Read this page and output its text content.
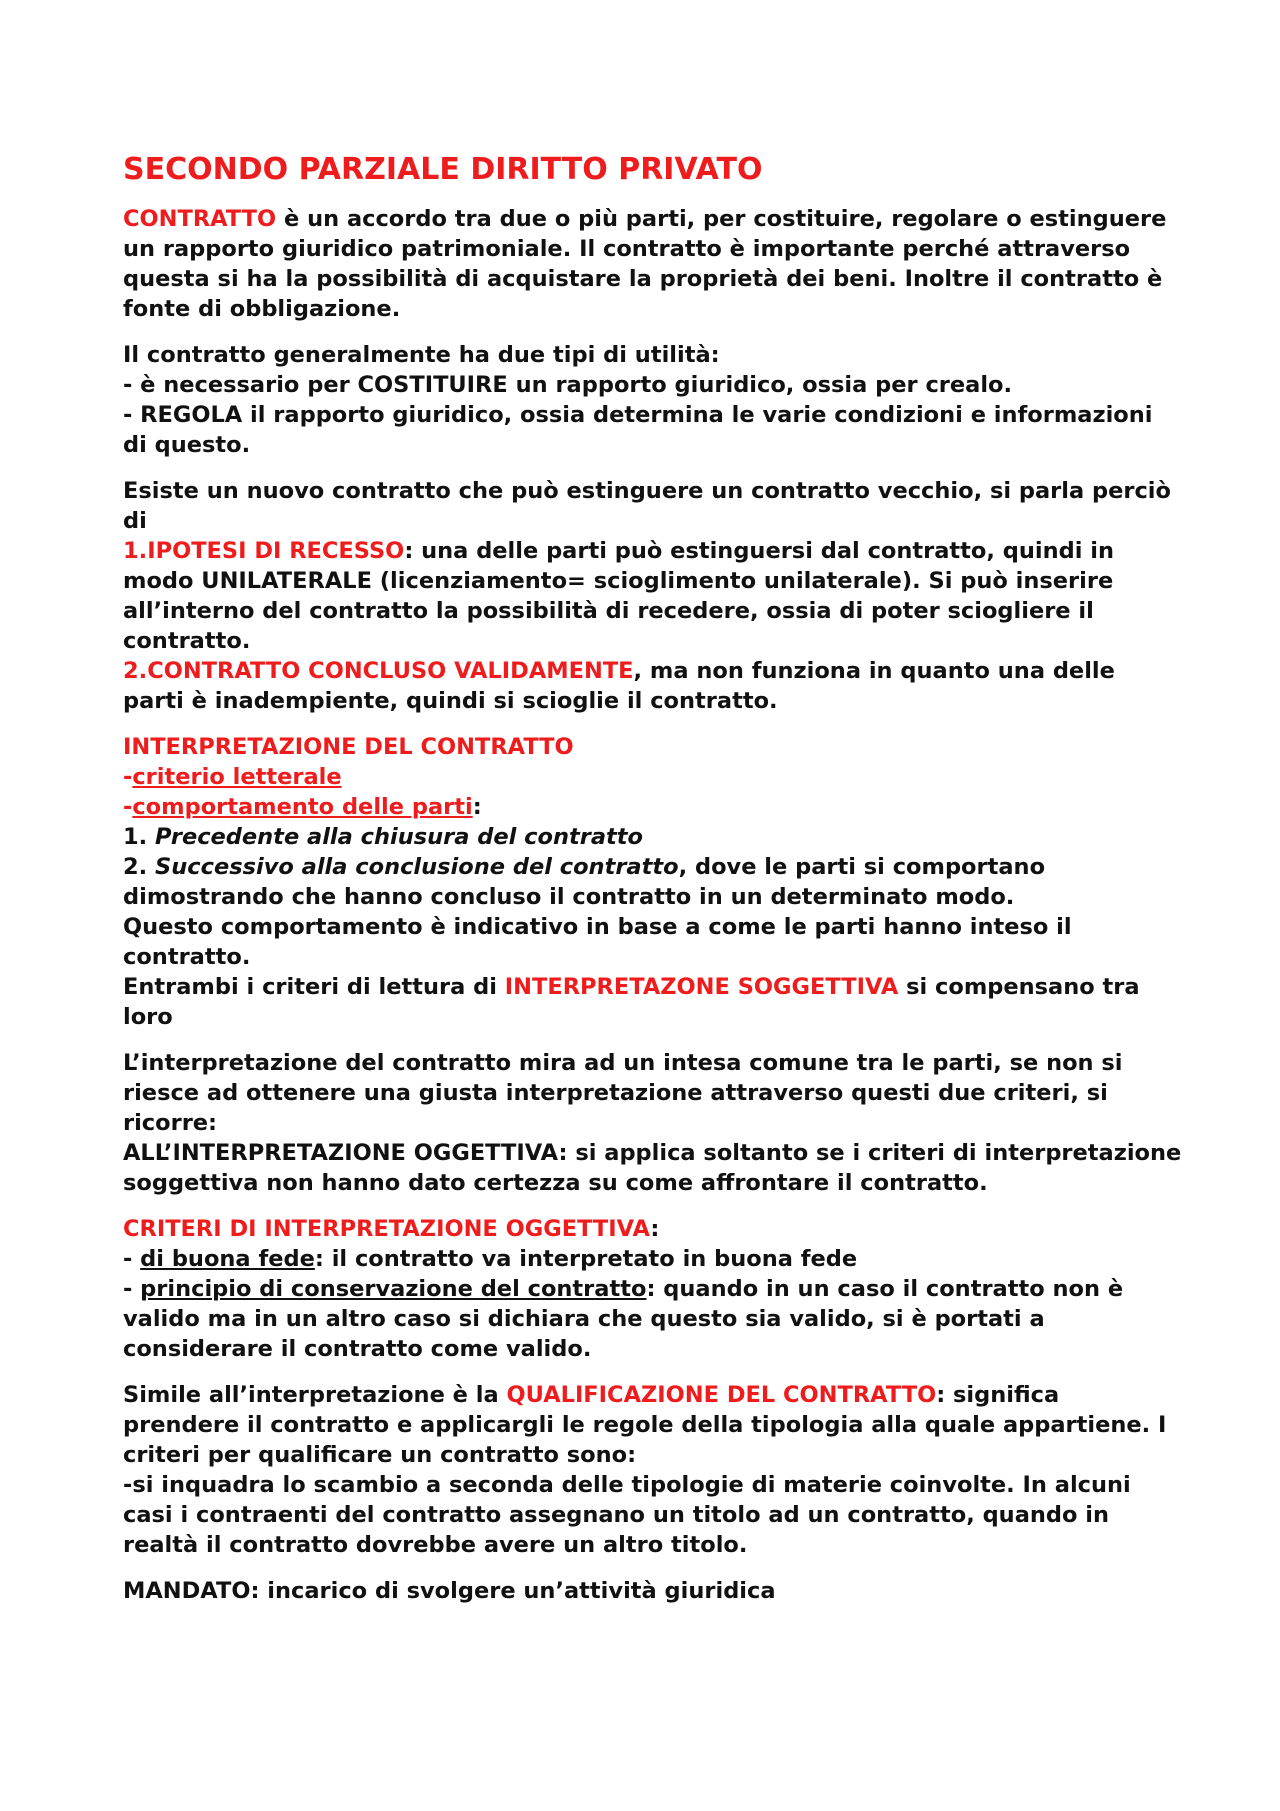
SECONDO PARZIALE DIRITTO PRIVATO

CONTRATTO è un accordo tra due o più parti, per costituire, regolare o estinguere un rapporto giuridico patrimoniale. Il contratto è importante perché attraverso questa si ha la possibilità di acquistare la proprietà dei beni. Inoltre il contratto è fonte di obbligazione.

Il contratto generalmente ha due tipi di utilità:
- è necessario per COSTITUIRE un rapporto giuridico, ossia per crealo.
- REGOLA il rapporto giuridico, ossia determina le varie condizioni e informazioni di questo.

Esiste un nuovo contratto che può estinguere un contratto vecchio, si parla perciò di
1.IPOTESI DI RECESSO: una delle parti può estinguersi dal contratto, quindi in modo UNILATERALE (licenziamento= scioglimento unilaterale). Si può inserire all’interno del contratto la possibilità di recedere, ossia di poter sciogliere il contratto.
2.CONTRATTO CONCLUSO VALIDAMENTE, ma non funziona in quanto una delle parti è inadempiente, quindi si scioglie il contratto.

INTERPRETAZIONE DEL CONTRATTO
-criterio letterale
-comportamento delle parti:
1. Precedente alla chiusura del contratto
2. Successivo alla conclusione del contratto, dove le parti si comportano dimostrando che hanno concluso il contratto in un determinato modo.
Questo comportamento è indicativo in base a come le parti hanno inteso il contratto.
Entrambi i criteri di lettura di INTERPRETAZONE SOGGETTIVA si compensano tra loro

L’interpretazione del contratto mira ad un intesa comune tra le parti, se non si riesce ad ottenere una giusta interpretazione attraverso questi due criteri, si ricorre:
ALL’INTERPRETAZIONE OGGETTIVA: si applica soltanto se i criteri di interpretazione soggettiva non hanno dato certezza su come affrontare il contratto.

CRITERI DI INTERPRETAZIONE OGGETTIVA:
- di buona fede: il contratto va interpretato in buona fede
- principio di conservazione del contratto: quando in un caso il contratto non è valido ma in un altro caso si dichiara che questo sia valido, si è portati a considerare il contratto come valido.

Simile all’interpretazione è la QUALIFICAZIONE DEL CONTRATTO: significa prendere il contratto e applicargli le regole della tipologia alla quale appartiene. I criteri per qualificare un contratto sono:
-si inquadra lo scambio a seconda delle tipologie di materie coinvolte. In alcuni casi i contraenti del contratto assegnano un titolo ad un contratto, quando in realtà il contratto dovrebbe avere un altro titolo.

MANDATO: incarico di svolgere un’attività giuridica
